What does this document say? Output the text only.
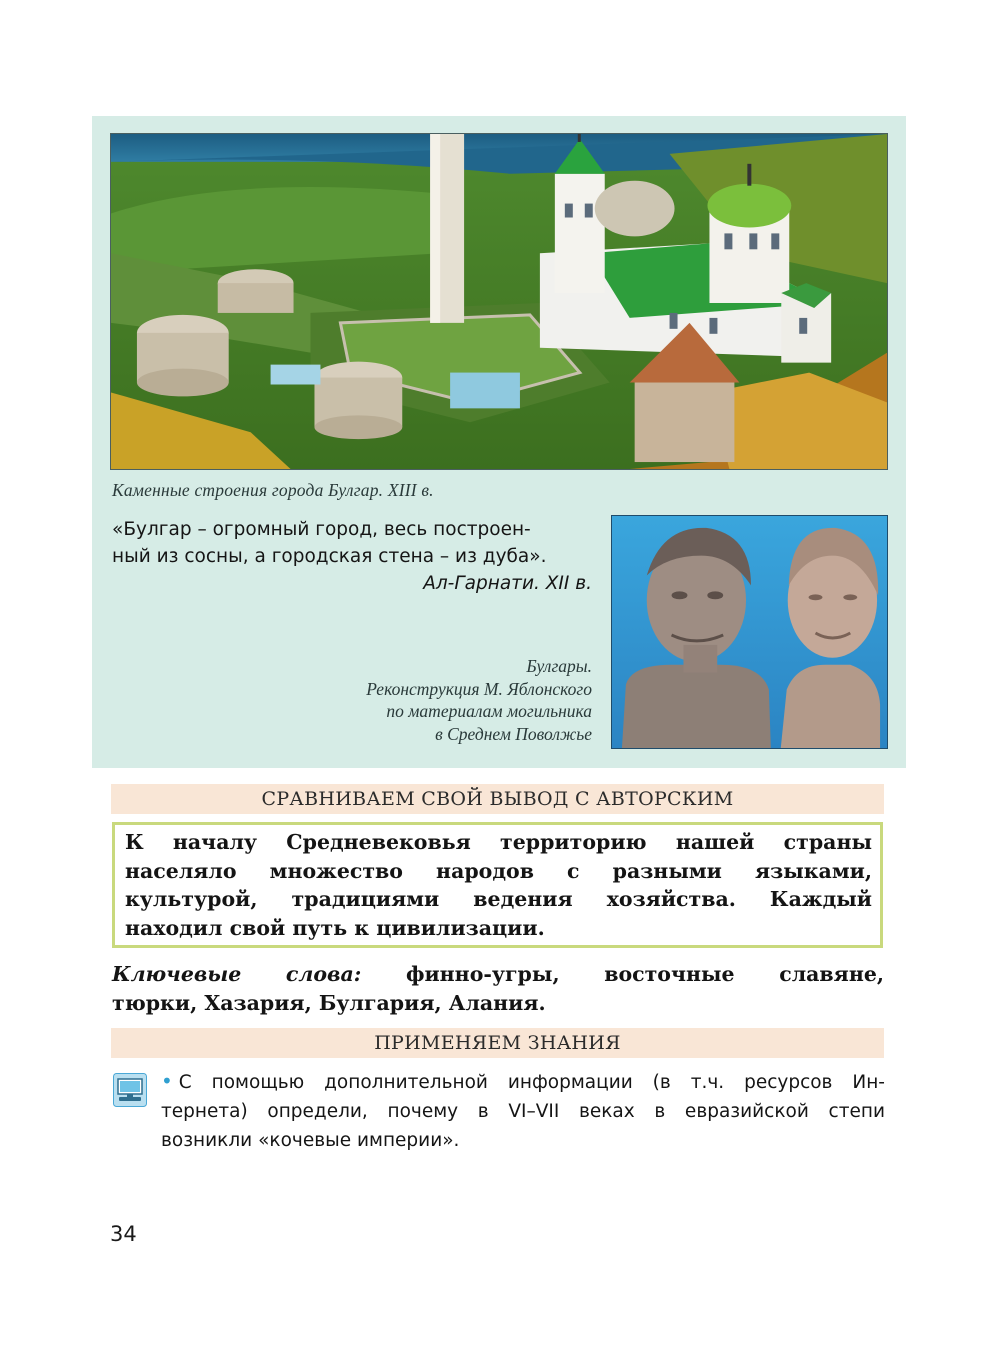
Каменные строения города Булгар. XIII в.
«Булгар – огромный город, весь построен-
ный из сосны, а городская стена – из дуба».
Ал-Гарнати. XII в.
Булгары.
Реконструкция М. Яблонского
по материалам могильника
в Среднем Поволжье
СРАВНИВАЕМ СВОЙ ВЫВОД С АВТОРСКИМ
К началу Средневековья территорию нашей страны
населяло множество народов с разными языками,
культурой, традициями ведения хозяйства. Каждый
находил свой путь к цивилизации.
Ключевые слова: финно-угры, восточные славяне,
тюрки, Хазария, Булгария, Алания.
ПРИМЕНЯЕМ ЗНАНИЯ
• С помощью дополнительной информации (в т.ч. ресурсов Ин-
тернета) определи, почему в VI–VII веках в евразийской степи
возникли «кочевые империи».
34
